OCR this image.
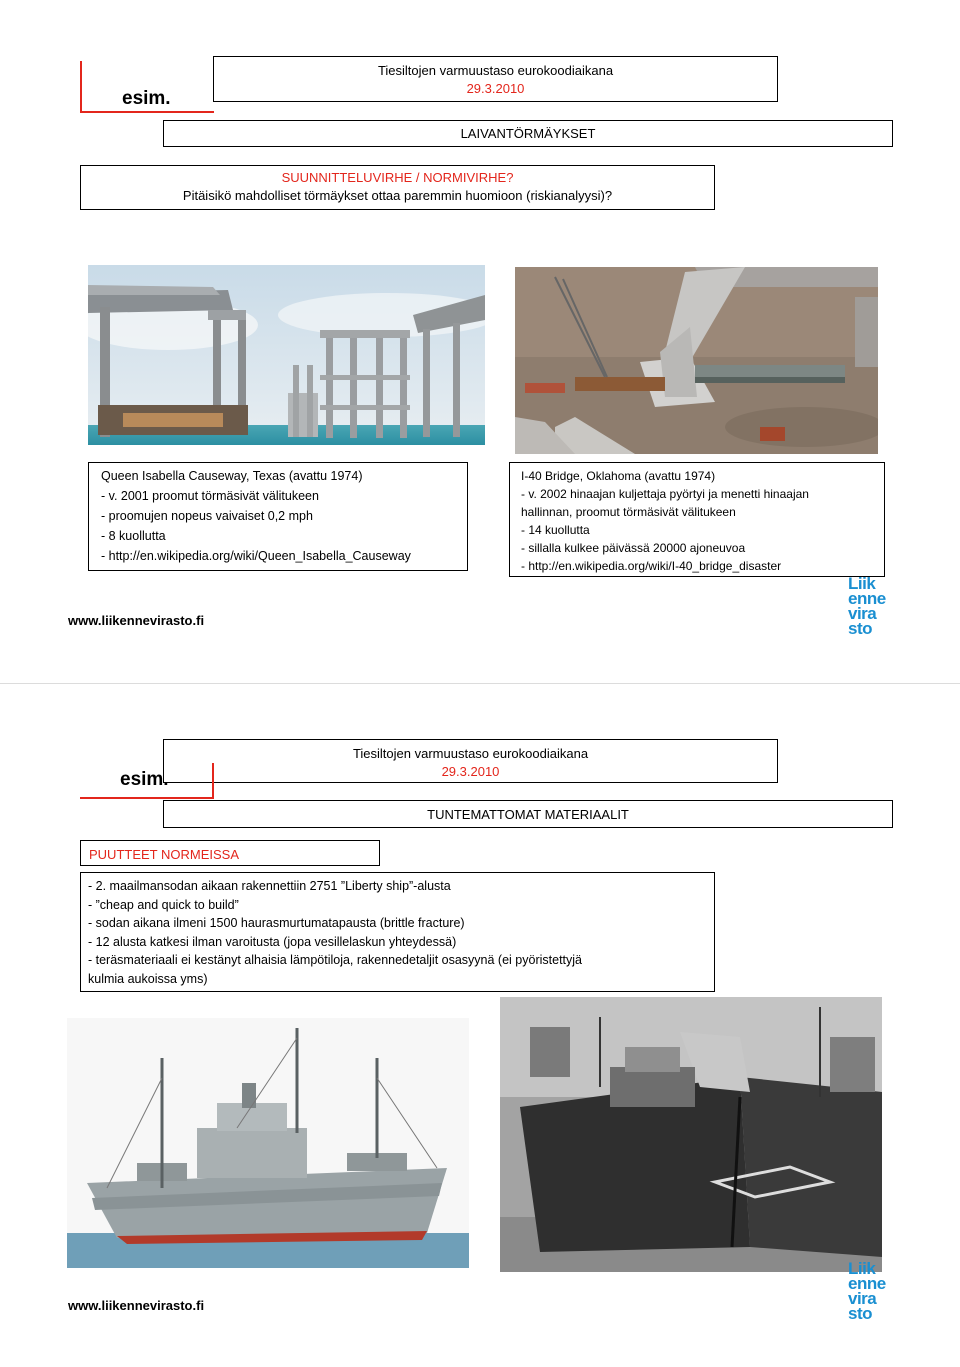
Tiesiltojen varmuustaso eurokoodiaikana
29.3.2010
esim.
LAIVANTÖRMÄYKSET
SUUNNITTELUVIRHE / NORMIVIRHE?
Pitäisikö mahdolliset törmäykset ottaa paremmin huomioon (riskianalyysi)?
Queen Isabella Causeway, Texas (avattu 1974)
- v. 2001 proomut törmäsivät välitukeen
- proomujen nopeus vaivaiset 0,2 mph
- 8 kuollutta
- http://en.wikipedia.org/wiki/Queen_Isabella_Causeway
I-40 Bridge, Oklahoma (avattu 1974)
- v. 2002 hinaajan kuljettaja pyörtyi ja menetti hinaajan
hallinnan, proomut törmäsivät välitukeen
- 14 kuollutta
- sillalla kulkee päivässä 20000 ajoneuvoa
- http://en.wikipedia.org/wiki/I-40_bridge_disaster
www.liikennevirasto.fi
Liik
enne
vira
sto
Tiesiltojen varmuustaso eurokoodiaikana
29.3.2010
esim.
TUNTEMATTOMAT MATERIAALIT
PUUTTEET NORMEISSA
- 2. maailmansodan aikaan rakennettiin 2751 ”Liberty ship”-alusta
- ”cheap and quick to build”
- sodan aikana ilmeni 1500 haurasmurtumatapausta (brittle fracture)
- 12 alusta katkesi ilman varoitusta (jopa vesillelaskun yhteydessä)
- teräsmateriaali ei kestänyt alhaisia lämpötiloja, rakennedetaljit osasyynä (ei pyöristettyjä
kulmia aukoissa yms)
www.liikennevirasto.fi
Liik
enne
vira
sto
